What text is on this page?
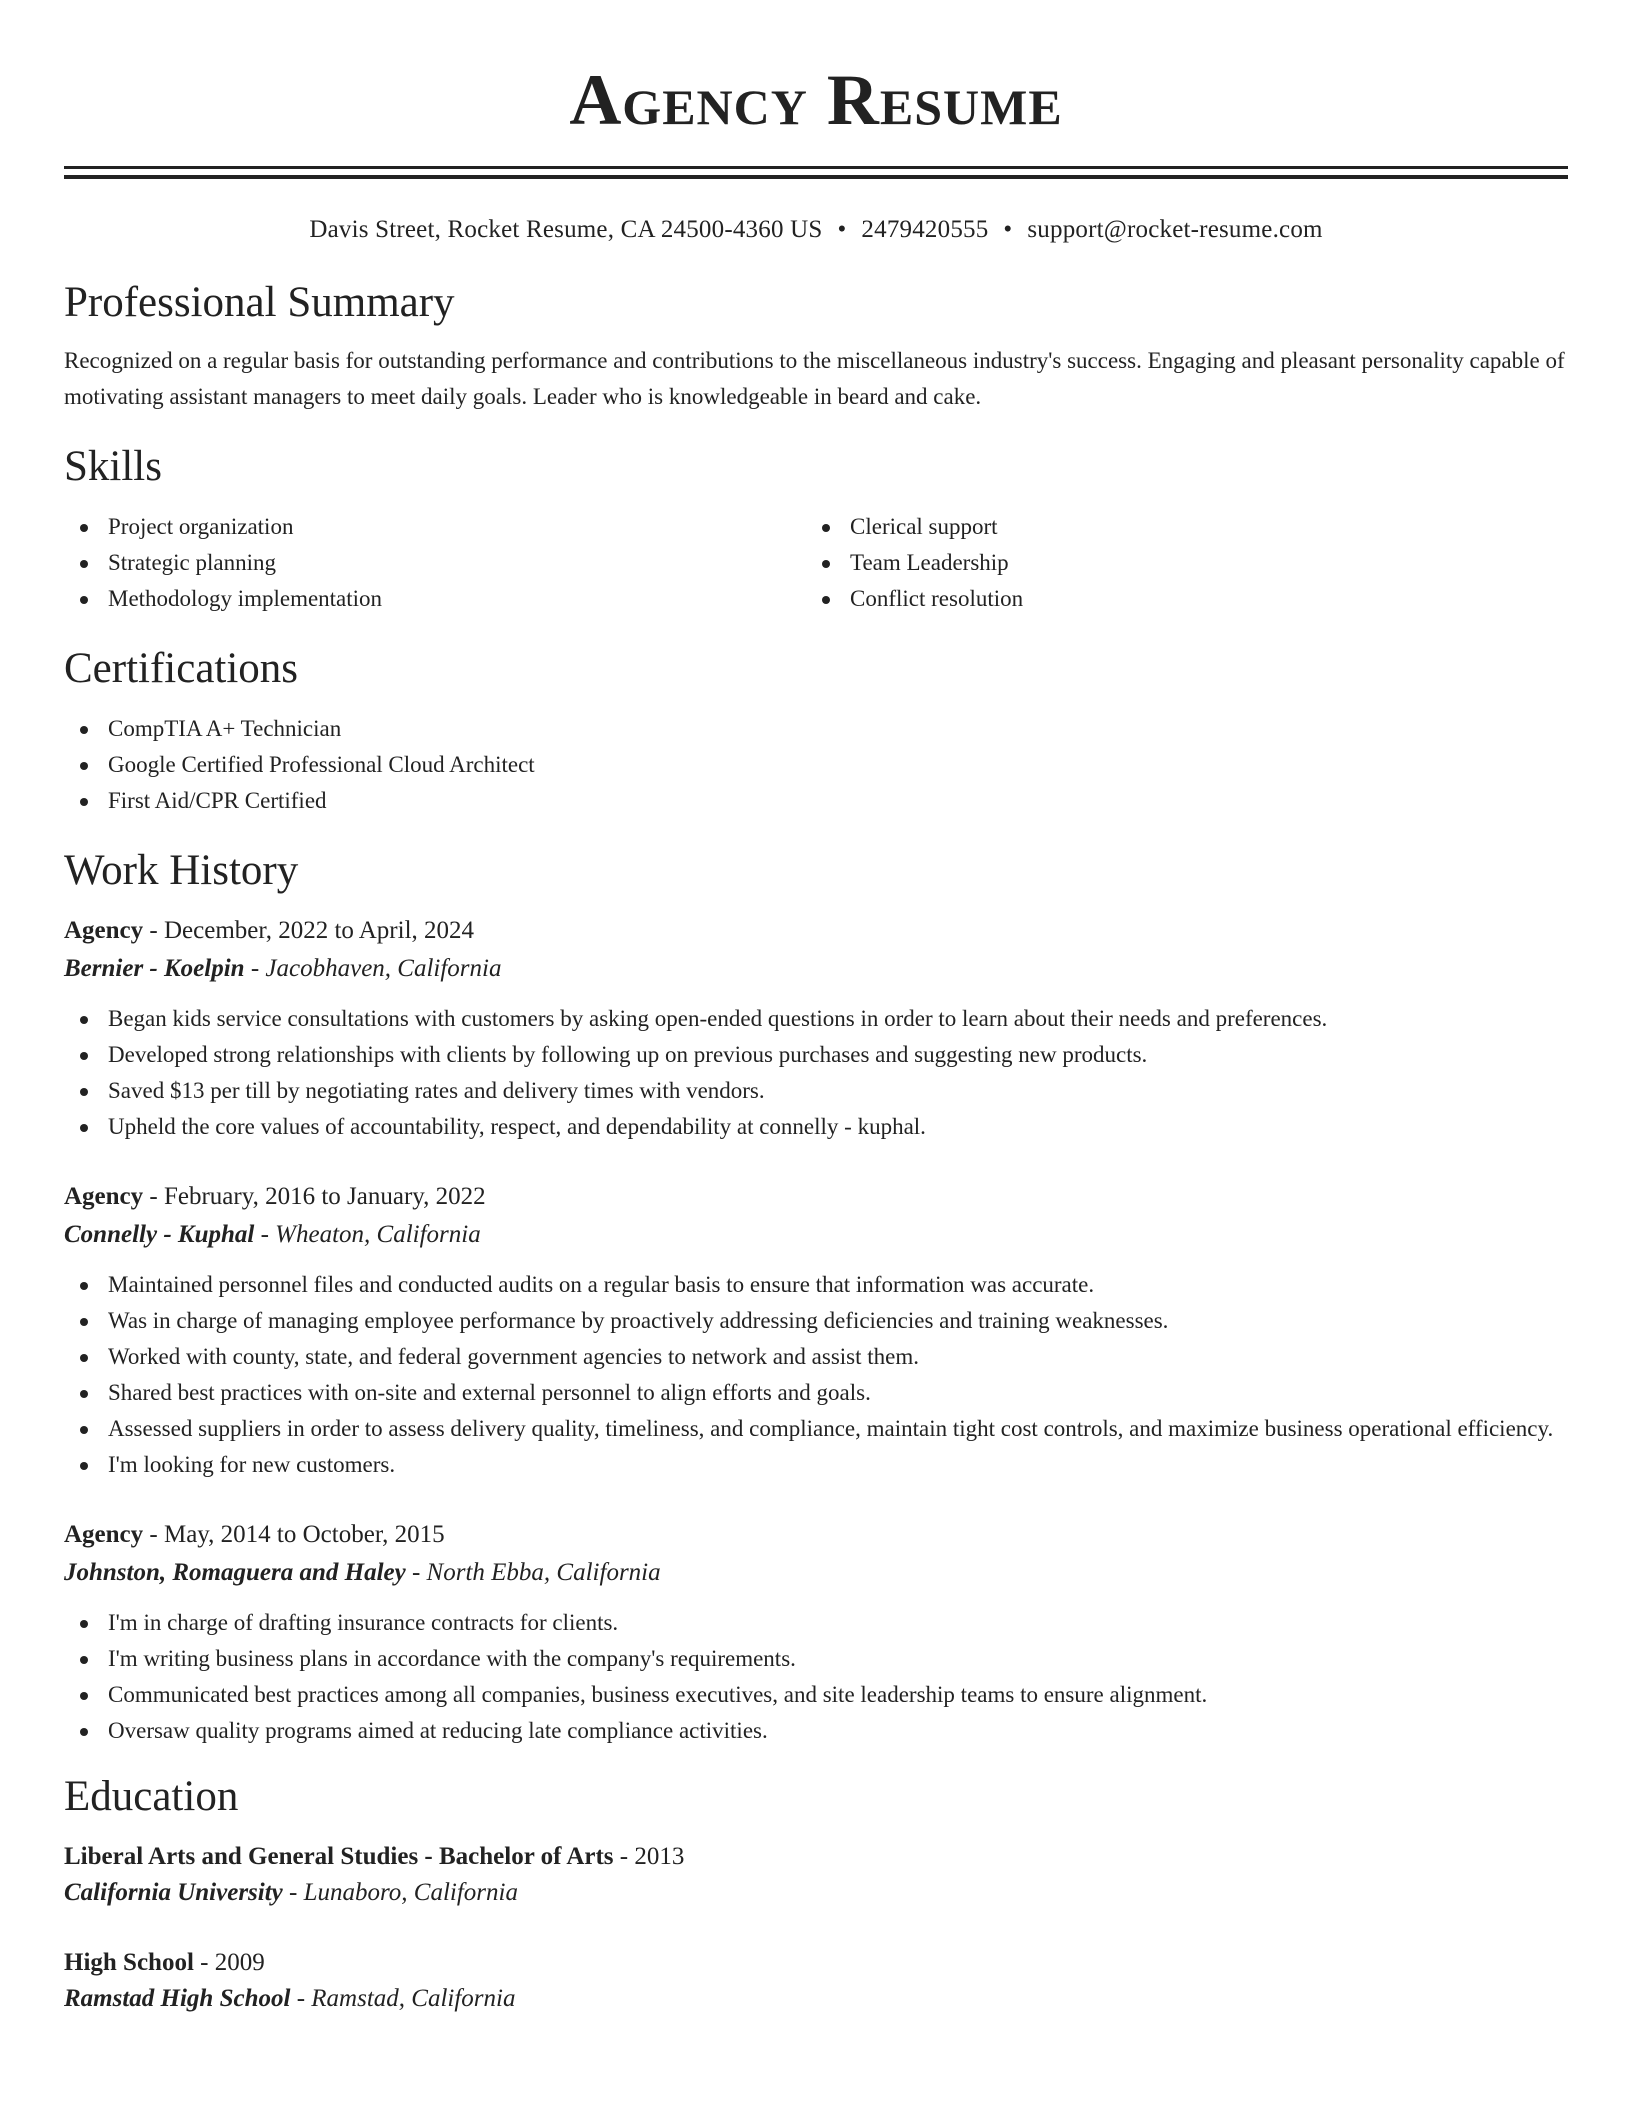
Agency Resume
Davis Street, Rocket Resume, CA 24500-4360 US • 2479420555 • support@rocket-resume.com
Professional Summary
Recognized on a regular basis for outstanding performance and contributions to the miscellaneous industry's success. Engaging and pleasant personality capable of motivating assistant managers to meet daily goals. Leader who is knowledgeable in beard and cake.
Skills
Project organization
Strategic planning
Methodology implementation
Clerical support
Team Leadership
Conflict resolution
Certifications
CompTIA A+ Technician
Google Certified Professional Cloud Architect
First Aid/CPR Certified
Work History
Agency - December, 2022 to April, 2024
Bernier - Koelpin - Jacobhaven, California
Began kids service consultations with customers by asking open-ended questions in order to learn about their needs and preferences.
Developed strong relationships with clients by following up on previous purchases and suggesting new products.
Saved $13 per till by negotiating rates and delivery times with vendors.
Upheld the core values of accountability, respect, and dependability at connelly - kuphal.
Agency - February, 2016 to January, 2022
Connelly - Kuphal - Wheaton, California
Maintained personnel files and conducted audits on a regular basis to ensure that information was accurate.
Was in charge of managing employee performance by proactively addressing deficiencies and training weaknesses.
Worked with county, state, and federal government agencies to network and assist them.
Shared best practices with on-site and external personnel to align efforts and goals.
Assessed suppliers in order to assess delivery quality, timeliness, and compliance, maintain tight cost controls, and maximize business operational efficiency.
I'm looking for new customers.
Agency - May, 2014 to October, 2015
Johnston, Romaguera and Haley - North Ebba, California
I'm in charge of drafting insurance contracts for clients.
I'm writing business plans in accordance with the company's requirements.
Communicated best practices among all companies, business executives, and site leadership teams to ensure alignment.
Oversaw quality programs aimed at reducing late compliance activities.
Education
Liberal Arts and General Studies - Bachelor of Arts - 2013
California University - Lunaboro, California
High School - 2009
Ramstad High School - Ramstad, California
